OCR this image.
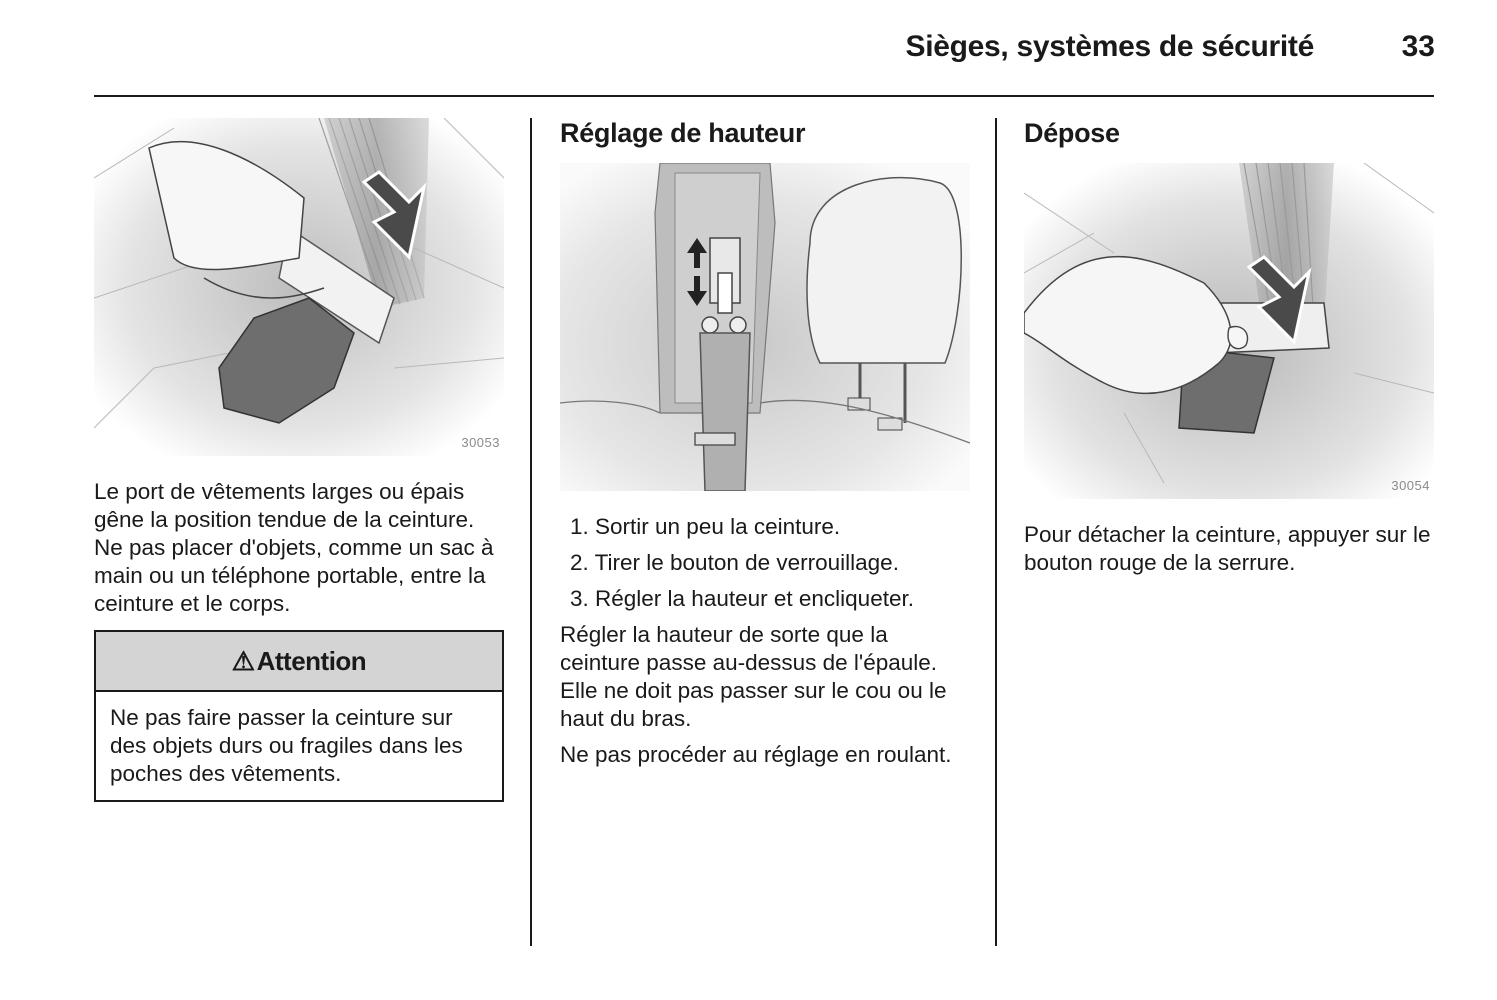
Sièges, systèmes de sécurité	33
30053

Le port de vêtements larges ou épais gêne la position tendue de la ceinture. Ne pas placer d'objets, comme un sac à main ou un téléphone portable, entre la ceinture et le corps.

⚠ Attention

Ne pas faire passer la ceinture sur des objets durs ou fragiles dans les poches des vêtements.

Réglage de hauteur
1. Sortir un peu la ceinture.
2. Tirer le bouton de verrouillage.
3. Régler la hauteur et encliqueter.

Régler la hauteur de sorte que la ceinture passe au-dessus de l'épaule. Elle ne doit pas passer sur le cou ou le haut du bras.

Ne pas procéder au réglage en roulant.

Dépose
30054

Pour détacher la ceinture, appuyer sur le bouton rouge de la serrure.
